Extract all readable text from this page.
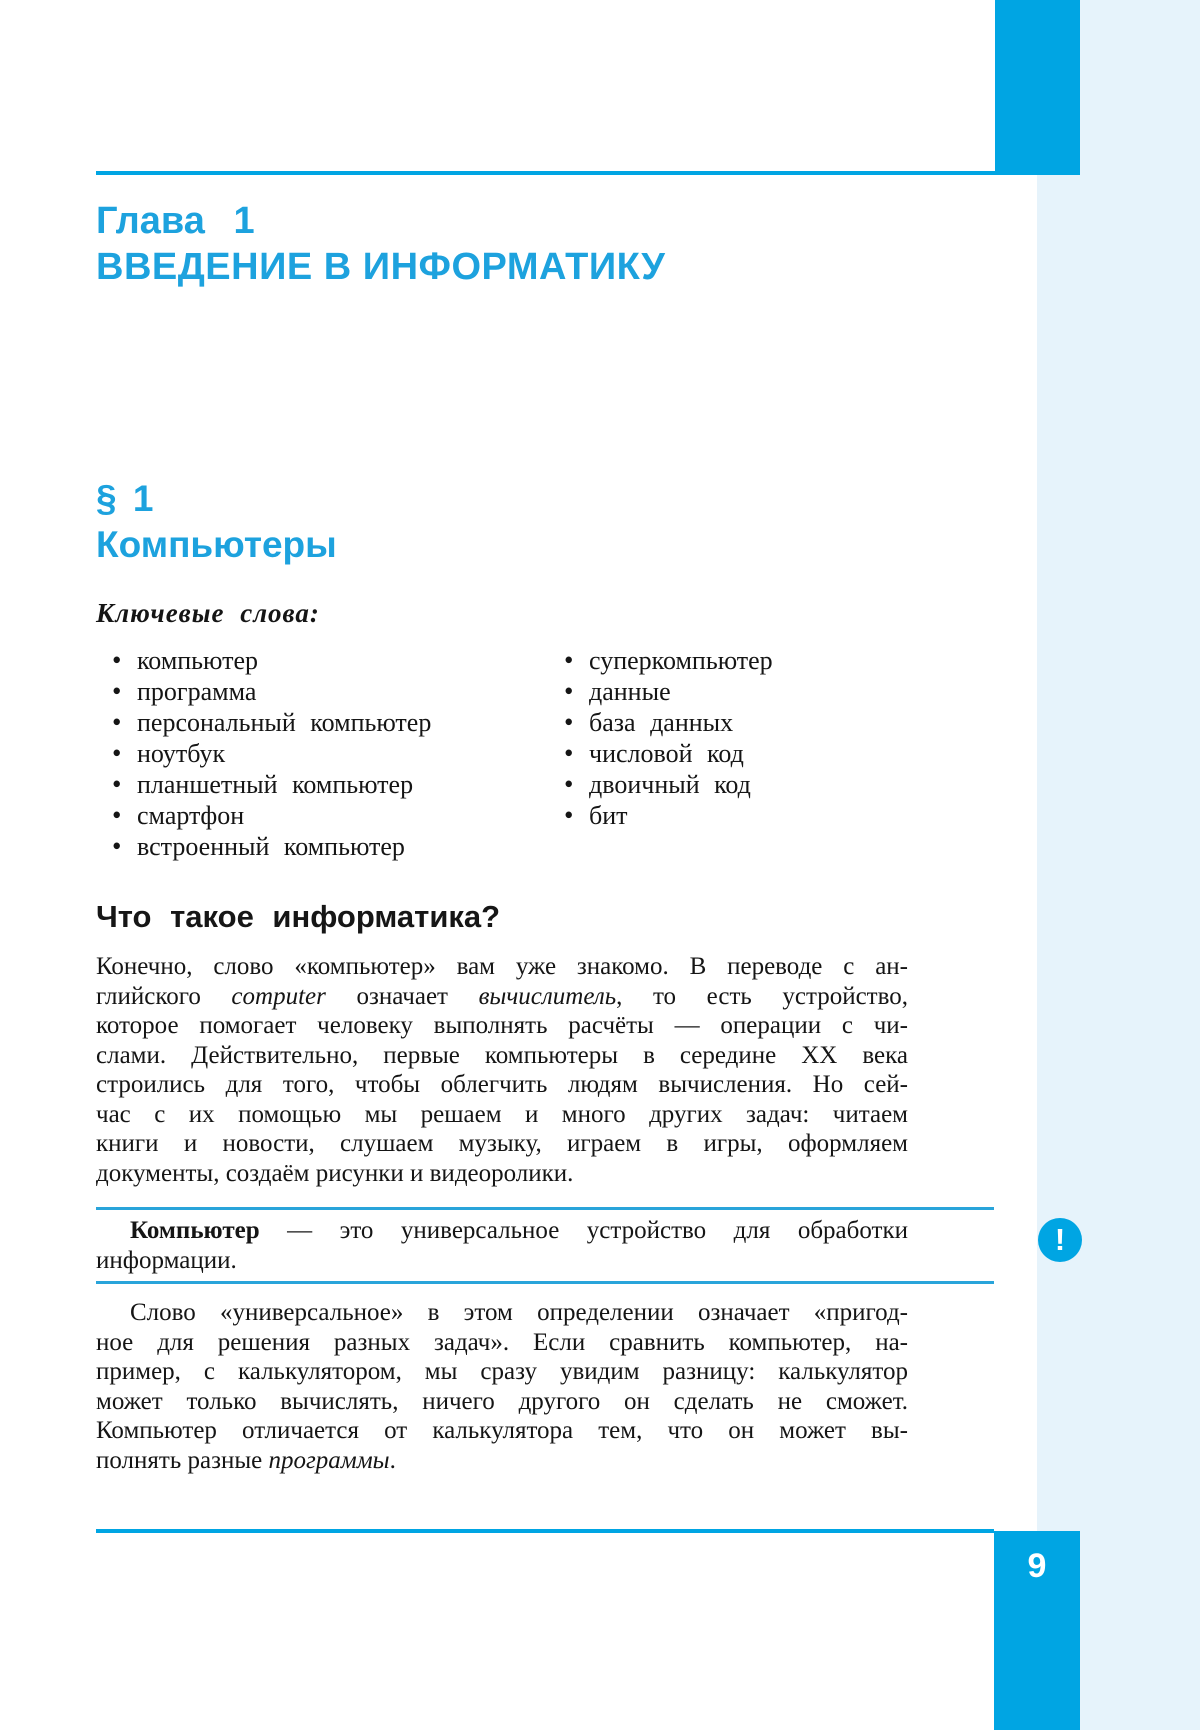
Глава 1
ВВЕДЕНИЕ В ИНФОРМАТИКУ
§ 1
Компьютеры
Ключевые слова:
• компьютер
• программа
• персональный компьютер
• ноутбук
• планшетный компьютер
• смартфон
• встроенный компьютер
• суперкомпьютер
• данные
• база данных
• числовой код
• двоичный код
• бит
Что такое информатика?
Конечно, слово «компьютер» вам уже знакомо. В переводе с ан-
глийского computer означает вычислитель, то есть устройство,
которое помогает человеку выполнять расчёты — операции с чи-
слами. Действительно, первые компьютеры в середине XX века
строились для того, чтобы облегчить людям вычисления. Но сей-
час с их помощью мы решаем и много других задач: читаем
книги и новости, слушаем музыку, играем в игры, оформляем
документы, создаём рисунки и видеоролики.
Компьютер — это универсальное устройство для обработки
информации.
Слово «универсальное» в этом определении означает «пригод-
ное для решения разных задач». Если сравнить компьютер, на-
пример, с калькулятором, мы сразу увидим разницу: калькулятор
может только вычислять, ничего другого он сделать не сможет.
Компьютер отличается от калькулятора тем, что он может вы-
полнять разные программы.
!
9
